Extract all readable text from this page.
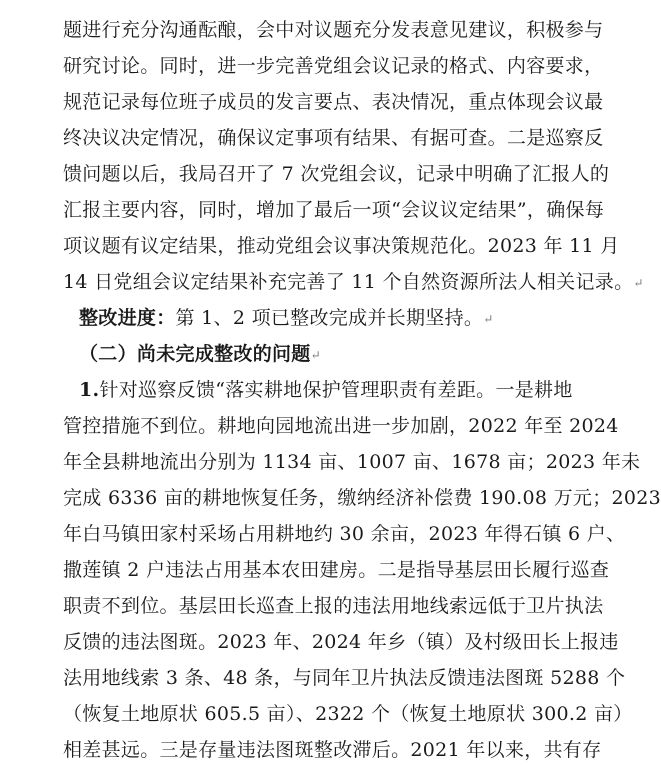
题进行充分沟通酝酿，会中对议题充分发表意见建议，积极参与
研究讨论。同时，进一步完善党组会议记录的格式、内容要求，
规范记录每位班子成员的发言要点、表决情况，重点体现会议最
终决议决定情况，确保议定事项有结果、有据可查。二是巡察反
馈问题以后，我局召开了 7 次党组会议，记录中明确了汇报人的
汇报主要内容，同时，增加了最后一项“会议议定结果”，确保每
项议题有议定结果，推动党组会议事决策规范化。2023 年 11 月
14 日党组会议定结果补充完善了 11 个自然资源所法人相关记录。↵
整改进度：第 1、2 项已整改完成并长期坚持。↵
（二）尚未完成整改的问题↵
1.针对巡察反馈“落实耕地保护管理职责有差距。一是耕地
管控措施不到位。耕地向园地流出进一步加剧，2022 年至 2024
年全县耕地流出分别为 1134 亩、1007 亩、1678 亩；2023 年未
完成 6336 亩的耕地恢复任务，缴纳经济补偿费 190.08 万元；2023
年白马镇田家村采场占用耕地约 30 余亩，2023 年得石镇 6 户、
撒莲镇 2 户违法占用基本农田建房。二是指导基层田长履行巡查
职责不到位。基层田长巡查上报的违法用地线索远低于卫片执法
反馈的违法图斑。2023 年、2024 年乡（镇）及村级田长上报违
法用地线索 3 条、48 条，与同年卫片执法反馈违法图斑 5288 个
（恢复土地原状 605.5 亩）、2322 个（恢复土地原状 300.2 亩）
相差甚远。三是存量违法图斑整改滞后。2021 年以来，共有存
